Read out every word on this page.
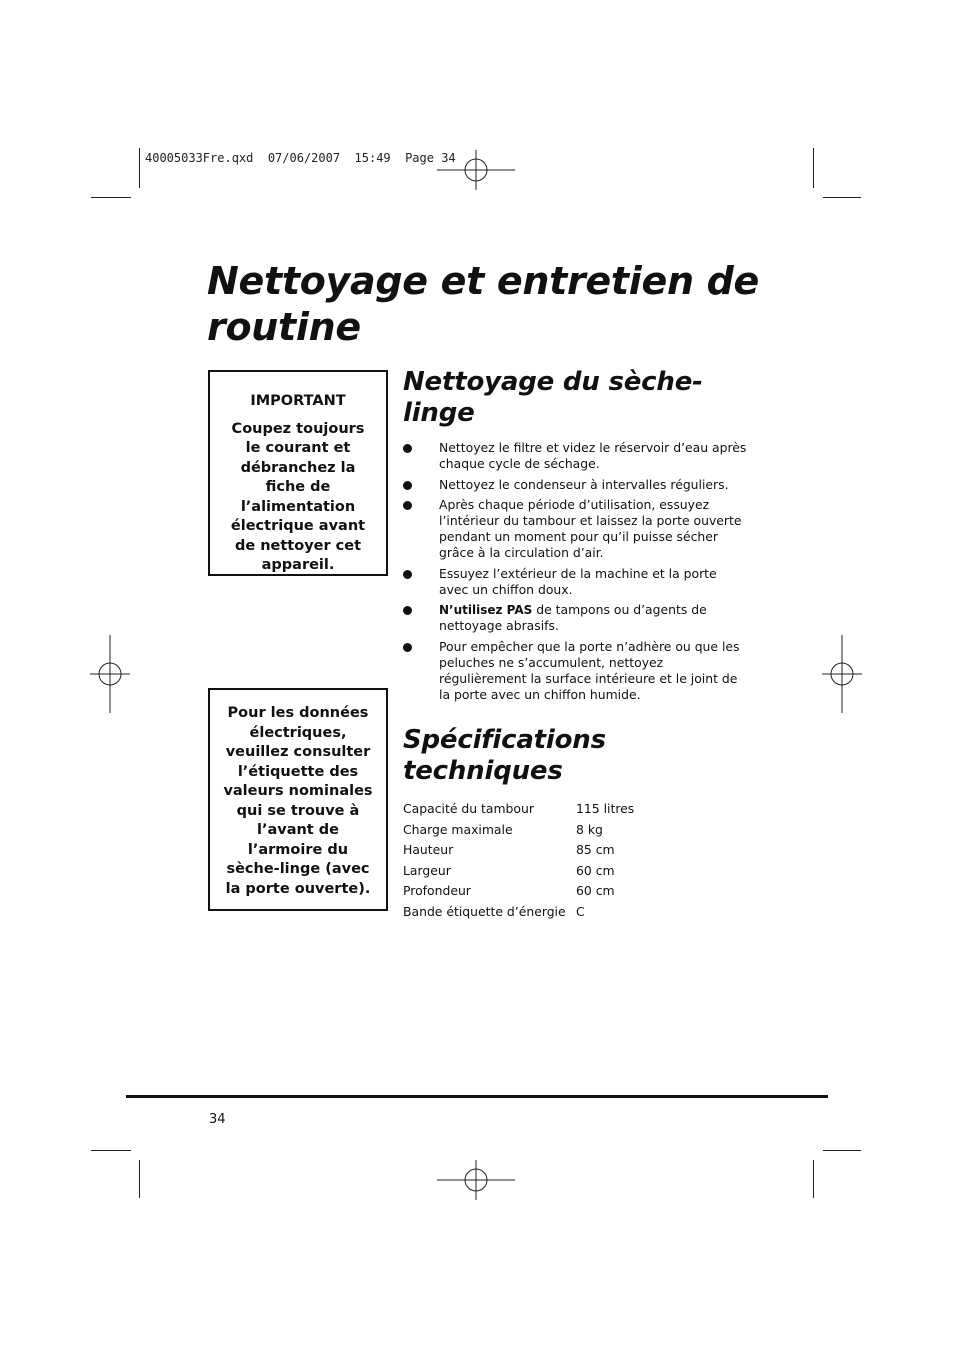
40005033Fre.qxd  07/06/2007  15:49  Page 34
Nettoyage et entretien de routine
IMPORTANT
Coupez toujours le courant et débranchez la fiche de l’alimentation électrique avant de nettoyer cet appareil.
Pour les données électriques, veuillez consulter l’étiquette des valeurs nominales qui se trouve à l’avant de l’armoire du sèche-linge (avec la porte ouverte).
Nettoyage du sèche-linge
Nettoyez le filtre et videz le réservoir d’eau après chaque cycle de séchage.
Nettoyez le condenseur à intervalles réguliers.
Après chaque période d’utilisation, essuyez l’intérieur du tambour et laissez la porte ouverte pendant un moment pour qu’il puisse sécher grâce à la circulation d’air.
Essuyez l’extérieur de la machine et la porte avec un chiffon doux.
N’utilisez PAS de tampons ou d’agents de nettoyage abrasifs.
Pour empêcher que la porte n’adhère ou que les peluches ne s’accumulent, nettoyez régulièrement la surface intérieure et le joint de la porte avec un chiffon humide.
Spécifications techniques
Capacité du tambour	115 litres
Charge maximale	8 kg
Hauteur	85 cm
Largeur	60 cm
Profondeur	60 cm
Bande étiquette d’énergie C
34
